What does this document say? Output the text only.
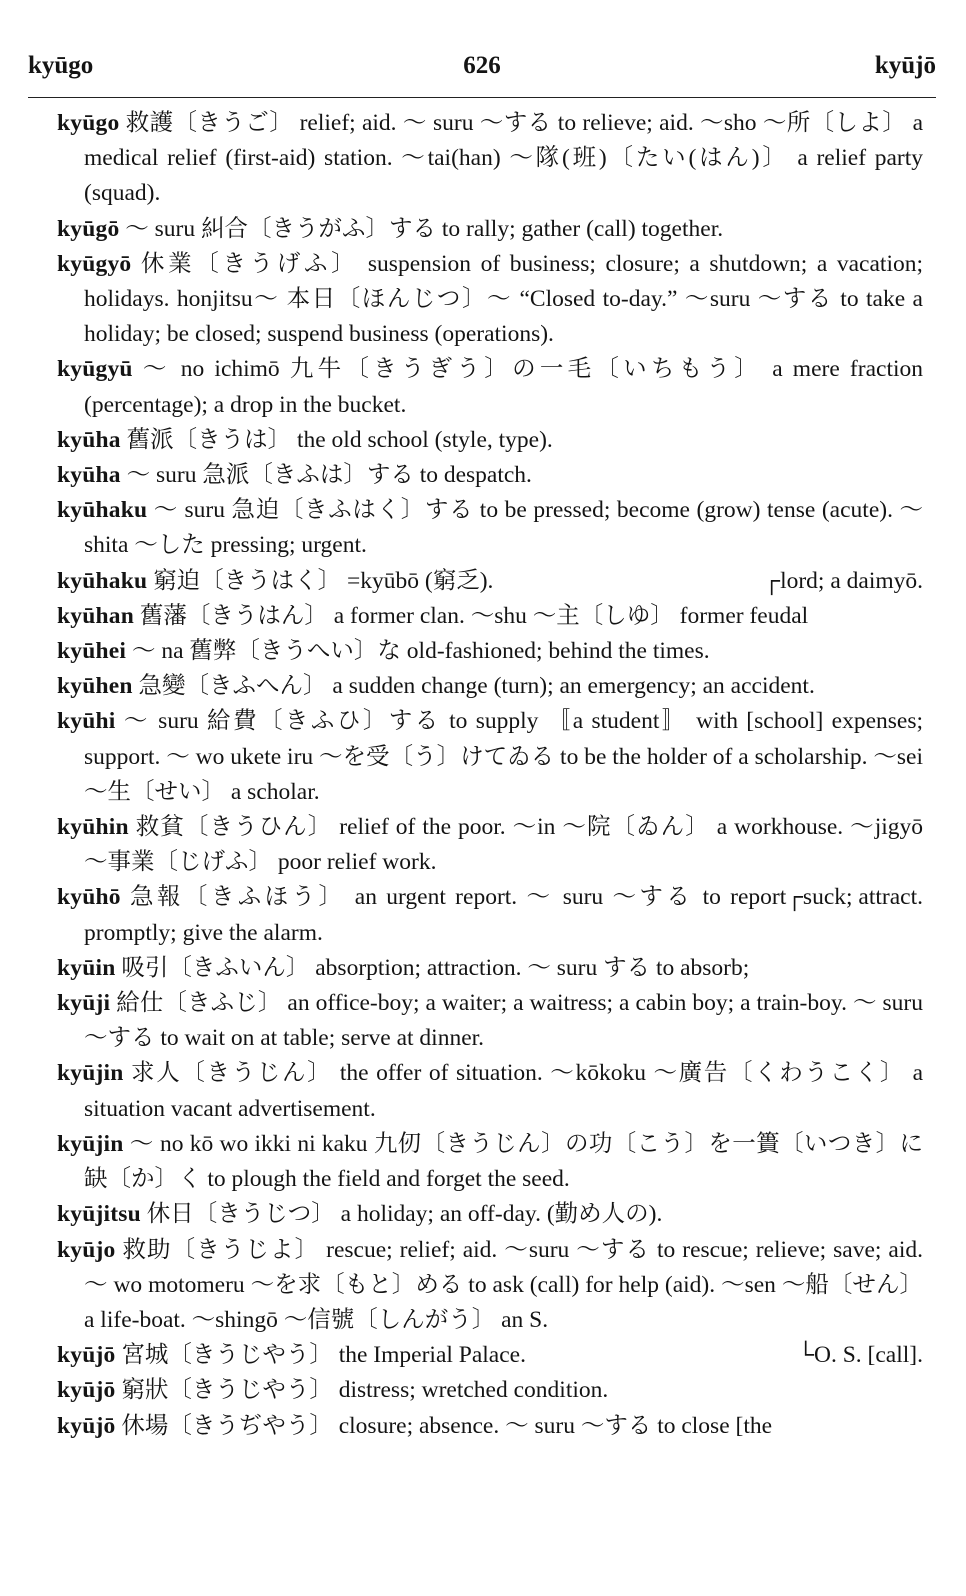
kyūgo	626	kyūjō

kyūgo 救護〔きうご〕 relief; aid. 〜 suru 〜する to relieve; aid. 〜sho 〜所〔しよ〕 a medical relief (first-aid) station. 〜tai(han) 〜隊(班)〔たい(はん)〕 a relief party (squad).

kyūgō 〜 suru 糾合〔きうがふ〕する to rally; gather (call) together.

kyūgyō 休業〔きうげふ〕 suspension of business; closure; a shutdown; a vacation; holidays. honjitsu〜 本日〔ほんじつ〕〜 “Closed to-day.” 〜suru 〜する to take a holiday; be closed; suspend business (operations).

kyūgyū 〜 no ichimō 九牛〔きうぎう〕の一毛〔いちもう〕 a mere fraction (percentage); a drop in the bucket.

kyūha 舊派〔きうは〕 the old school (style, type).

kyūha 〜 suru 急派〔きふは〕する to despatch.

kyūhaku 〜 suru 急迫〔きふはく〕する to be pressed; become (grow) tense (acute). 〜 shita 〜した pressing; urgent.

┌lord; a daimyō.
kyūhaku 窮迫〔きうはく〕 =kyūbō (窮乏).

kyūhan 舊藩〔きうはん〕 a former clan. 〜shu 〜主〔しゆ〕 former feudal

kyūhei 〜 na 舊弊〔きうへい〕な old-fashioned; behind the times.

kyūhen 急變〔きふへん〕 a sudden change (turn); an emergency; an accident.

kyūhi 〜 suru 給費〔きふひ〕する to supply 〚a student〛 with [school] expenses; support. 〜 wo ukete iru 〜を受〔う〕けてゐる to be the holder of a scholarship. 〜sei 〜生〔せい〕 a scholar.

kyūhin 救貧〔きうひん〕 relief of the poor. 〜in 〜院〔ゐん〕 a workhouse. 〜jigyō 〜事業〔じげふ〕 poor relief work.

┌suck; attract.
kyūhō 急報〔きふほう〕 an urgent report. 〜 suru 〜する to report promptly; give the alarm.

kyūin 吸引〔きふいん〕 absorption; attraction. 〜 suru する to absorb;

kyūji 給仕〔きふじ〕 an office-boy; a waiter; a waitress; a cabin boy; a train-boy. 〜 suru 〜する to wait on at table; serve at dinner.

kyūjin 求人〔きうじん〕 the offer of situation. 〜kōkoku 〜廣告〔くわうこく〕 a situation vacant advertisement.

kyūjin 〜 no kō wo ikki ni kaku 九仞〔きうじん〕の功〔こう〕を一簣〔いつき〕に缺〔か〕く to plough the field and forget the seed.

kyūjitsu 休日〔きうじつ〕 a holiday; an off-day. (勤め人の).

kyūjo 救助〔きうじよ〕 rescue; relief; aid. 〜suru 〜する to rescue; relieve; save; aid. 〜 wo motomeru 〜を求〔もと〕める to ask (call) for help (aid). 〜sen 〜船〔せん〕 a life-boat. 〜shingō 〜信號〔しんがう〕 an S.

└O. S. [call].
kyūjō 宮城〔きうじやう〕 the Imperial Palace.

kyūjō 窮狀〔きうじやう〕 distress; wretched condition.

kyūjō 休場〔きうぢやう〕 closure; absence. 〜 suru 〜する to close [the
